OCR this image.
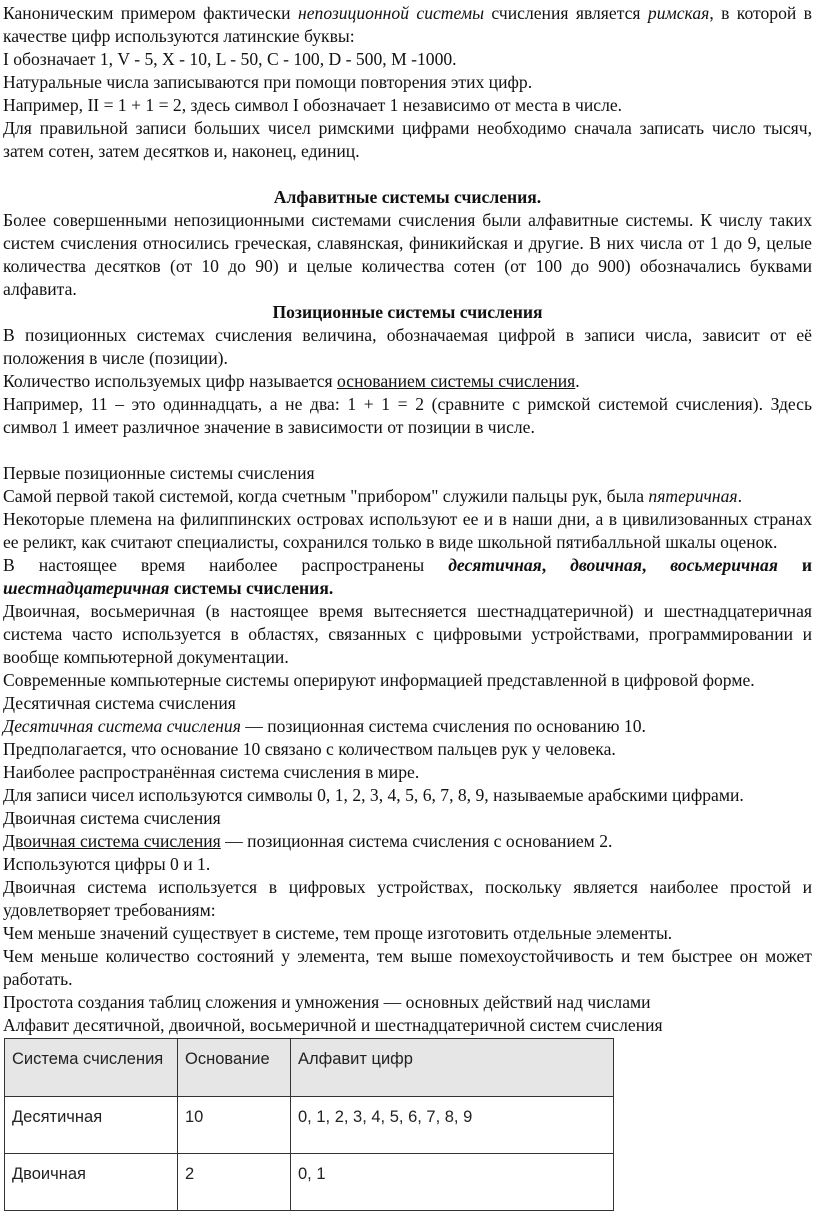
Каноническим примером фактически непозиционной системы счисления является римская, в которой в качестве цифр используются латинские буквы:

I обозначает 1, V - 5, X - 10, L - 50, C - 100, D - 500, M -1000.

Натуральные числа записываются при помощи повторения этих цифр.

Например, II = 1 + 1 = 2, здесь символ I обозначает 1 независимо от места в числе.

Для правильной записи больших чисел римскими цифрами необходимо сначала записать число тысяч, затем сотен, затем десятков и, наконец, единиц.

Алфавитные системы счисления.

Более совершенными непозиционными системами счисления были алфавитные системы. К числу таких систем счисления относились греческая, славянская, финикийская и другие. В них числа от 1 до 9, целые количества десятков (от 10 до 90) и целые количества сотен (от 100 до 900) обозначались буквами алфавита.

Позиционные системы счисления

В позиционных системах счисления величина, обозначаемая цифрой в записи числа, зависит от её положения в числе (позиции).

Количество используемых цифр называется основанием системы счисления.

Например, 11 – это одиннадцать, а не два: 1 + 1 = 2 (сравните с римской системой счисления). Здесь символ 1 имеет различное значение в зависимости от позиции в числе.

Первые позиционные системы счисления

Самой первой такой системой, когда счетным "прибором" служили пальцы рук, была пятеричная.

Некоторые племена на филиппинских островах используют ее и в наши дни, а в цивилизованных странах ее реликт, как считают специалисты, сохранился только в виде школьной пятибалльной шкалы оценок.

В настоящее время наиболее распространены десятичная, двоичная, восьмеричная и шестнадцатеричная системы счисления.

Двоичная, восьмеричная (в настоящее время вытесняется шестнадцатеричной) и шестнадцатеричная система часто используется в областях, связанных с цифровыми устройствами, программировании и вообще компьютерной документации.

Современные компьютерные системы оперируют информацией представленной в цифровой форме.

Десятичная система счисления

Десятичная система счисления — позиционная система счисления по основанию 10.

Предполагается, что основание 10 связано с количеством пальцев рук у человека.

Наиболее распространённая система счисления в мире.

Для записи чисел используются символы 0, 1, 2, 3, 4, 5, 6, 7, 8, 9, называемые арабскими цифрами.

Двоичная система счисления

Двоичная система счисления — позиционная система счисления с основанием 2.

Используются цифры 0 и 1.

Двоичная система используется в цифровых устройствах, поскольку является наиболее простой и удовлетворяет требованиям:

Чем меньше значений существует в системе, тем проще изготовить отдельные элементы.

Чем меньше количество состояний у элемента, тем выше помехоустойчивость и тем быстрее он может работать.

Простота создания таблиц сложения и умножения — основных действий над числами

Алфавит десятичной, двоичной, восьмеричной и шестнадцатеричной систем счисления

Система счисления	Основание	Алфавит цифр
Десятичная	10	0, 1, 2, 3, 4, 5, 6, 7, 8, 9
Двоичная	2	0, 1
